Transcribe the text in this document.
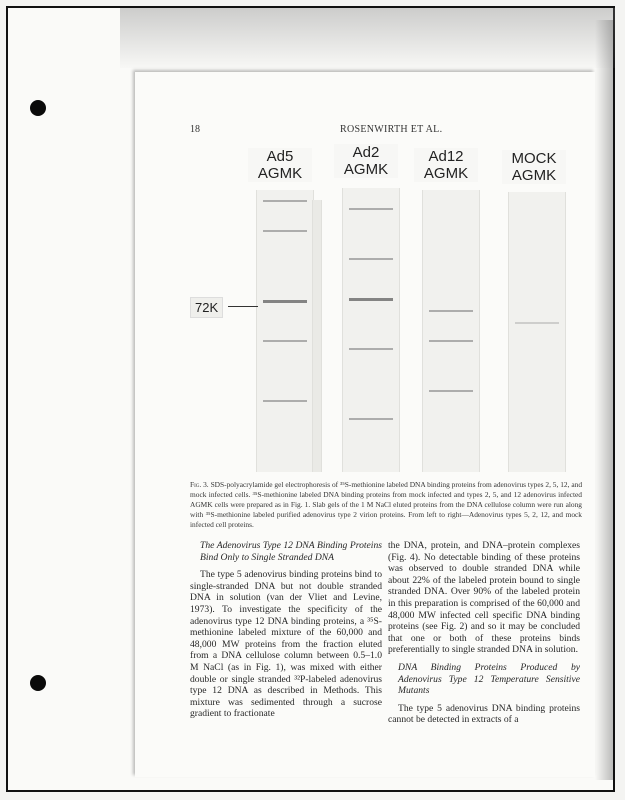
18	ROSENWIRTH ET AL.
Ad5
AGMK
Ad2
AGMK
Ad12
AGMK
MOCK
AGMK
72K
Fig. 3. SDS-polyacrylamide gel electrophoresis of ³⁵S-methionine labeled DNA binding proteins from adenovirus types 2, 5, 12, and mock infected cells. ³⁵S-methionine labeled DNA binding proteins from mock infected and types 2, 5, and 12 adenovirus infected AGMK cells were prepared as in Fig. 1. Slab gels of the 1 M NaCl eluted proteins from the DNA cellulose column were run along with ³⁵S-methionine labeled purified adenovirus type 2 virion proteins. From left to right—Adenovirus types 5, 2, 12, and mock infected cell proteins.

The Adenovirus Type 12 DNA Binding Proteins Bind Only to Single Stranded DNA

The type 5 adenovirus binding proteins bind to single-stranded DNA but not double stranded DNA in solution (van der Vliet and Levine, 1973). To investigate the specificity of the adenovirus type 12 DNA binding proteins, a ³⁵S-methionine labeled mixture of the 60,000 and 48,000 MW proteins from the fraction eluted from a DNA cellulose column between 0.5–1.0 M NaCl (as in Fig. 1), was mixed with either double or single stranded ³²P-labeled adenovirus type 12 DNA as described in Methods. This mixture was sedimented through a sucrose gradient to fractionate

the DNA, protein, and DNA–protein complexes (Fig. 4). No detectable binding of these proteins was observed to double stranded DNA while about 22% of the labeled protein bound to single stranded DNA. Over 90% of the labeled protein in this preparation is comprised of the 60,000 and 48,000 MW infected cell specific DNA binding proteins (see Fig. 2) and so it may be concluded that one or both of these proteins binds preferentially to single stranded DNA in solution.

DNA Binding Proteins Produced by Adenovirus Type 12 Temperature Sensitive Mutants

The type 5 adenovirus DNA binding proteins cannot be detected in extracts of a
